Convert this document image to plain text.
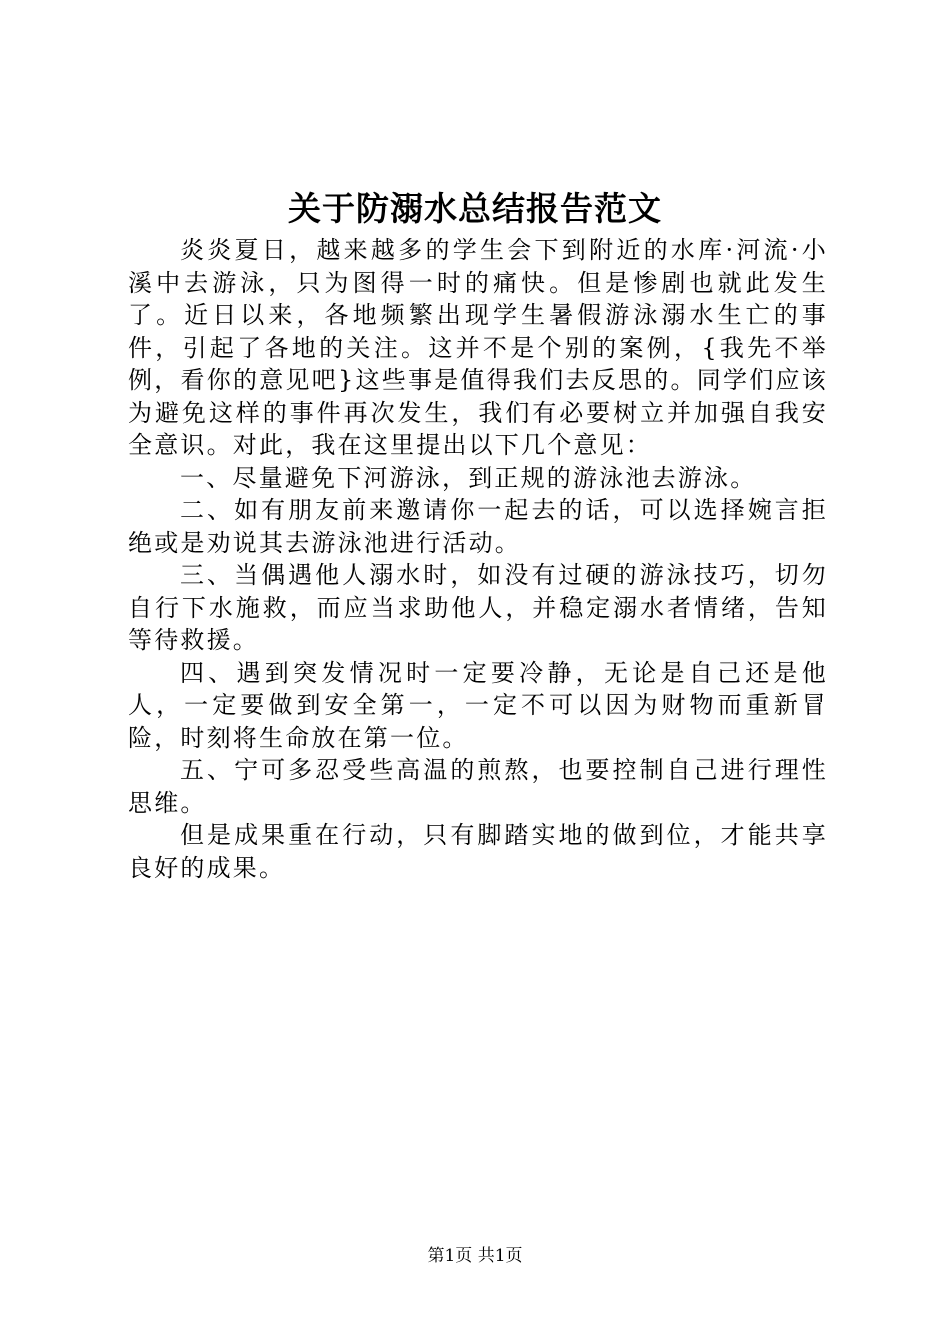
关于防溺水总结报告范文

炎炎夏日，越来越多的学生会下到附近的水库·河流·小溪中去游泳，只为图得一时的痛快。但是惨剧也就此发生了。近日以来，各地频繁出现学生暑假游泳溺水生亡的事件，引起了各地的关注。这并不是个别的案例，{我先不举例，看你的意见吧}这些事是值得我们去反思的。同学们应该为避免这样的事件再次发生，我们有必要树立并加强自我安全意识。对此，我在这里提出以下几个意见：

一、尽量避免下河游泳，到正规的游泳池去游泳。

二、如有朋友前来邀请你一起去的话，可以选择婉言拒绝或是劝说其去游泳池进行活动。

三、当偶遇他人溺水时，如没有过硬的游泳技巧，切勿自行下水施救，而应当求助他人，并稳定溺水者情绪，告知等待救援。

四、遇到突发情况时一定要冷静，无论是自己还是他人，一定要做到安全第一，一定不可以因为财物而重新冒险，时刻将生命放在第一位。

五、宁可多忍受些高温的煎熬，也要控制自己进行理性思维。

但是成果重在行动，只有脚踏实地的做到位，才能共享良好的成果。

第1页 共1页
